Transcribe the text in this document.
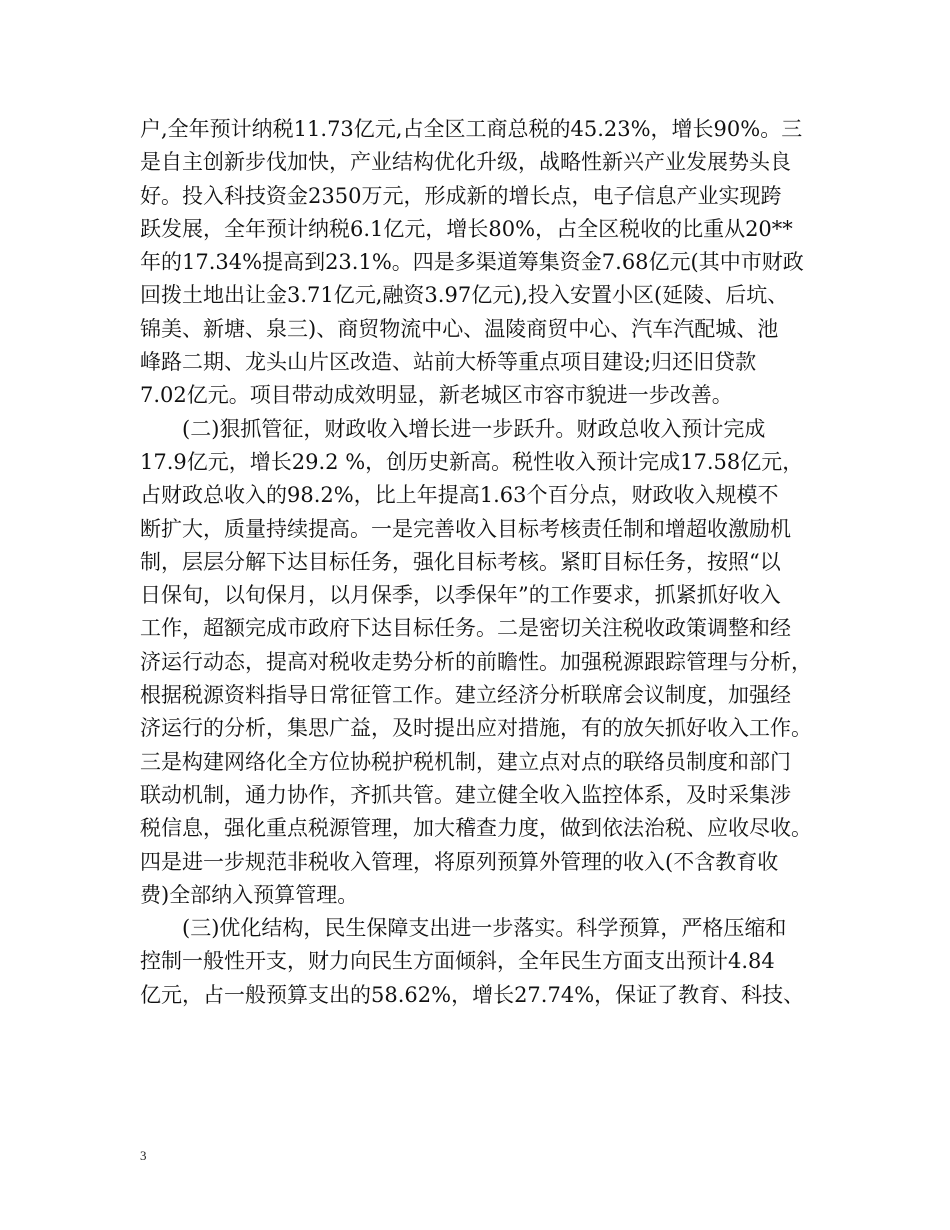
户,全年预计纳税11.73亿元,占全区工商总税的45.23%，增长90%。三
是自主创新步伐加快，产业结构优化升级，战略性新兴产业发展势头良
好。投入科技资金2350万元，形成新的增长点，电子信息产业实现跨
跃发展，全年预计纳税6.1亿元，增长80%，占全区税收的比重从20**
年的17.34%提高到23.1%。四是多渠道筹集资金7.68亿元(其中市财政
回拨土地出让金3.71亿元,融资3.97亿元),投入安置小区(延陵、后坑、
锦美、新塘、泉三)、商贸物流中心、温陵商贸中心、汽车汽配城、池
峰路二期、龙头山片区改造、站前大桥等重点项目建设;归还旧贷款
7.02亿元。项目带动成效明显，新老城区市容市貌进一步改善。
(二)狠抓管征，财政收入增长进一步跃升。财政总收入预计完成
17.9亿元，增长29.2 %，创历史新高。税性收入预计完成17.58亿元，
占财政总收入的98.2%，比上年提高1.63个百分点，财政收入规模不
断扩大，质量持续提高。一是完善收入目标考核责任制和增超收激励机
制，层层分解下达目标任务，强化目标考核。紧盯目标任务，按照“以
日保旬，以旬保月，以月保季，以季保年”的工作要求，抓紧抓好收入
工作，超额完成市政府下达目标任务。二是密切关注税收政策调整和经
济运行动态，提高对税收走势分析的前瞻性。加强税源跟踪管理与分析，
根据税源资料指导日常征管工作。建立经济分析联席会议制度，加强经
济运行的分析，集思广益，及时提出应对措施，有的放矢抓好收入工作。
三是构建网络化全方位协税护税机制，建立点对点的联络员制度和部门
联动机制，通力协作，齐抓共管。建立健全收入监控体系，及时采集涉
税信息，强化重点税源管理，加大稽查力度，做到依法治税、应收尽收。
四是进一步规范非税收入管理，将原列预算外管理的收入(不含教育收
费)全部纳入预算管理。
(三)优化结构，民生保障支出进一步落实。科学预算，严格压缩和
控制一般性开支，财力向民生方面倾斜，全年民生方面支出预计4.84
亿元，占一般预算支出的58.62%，增长27.74%，保证了教育、科技、
3
